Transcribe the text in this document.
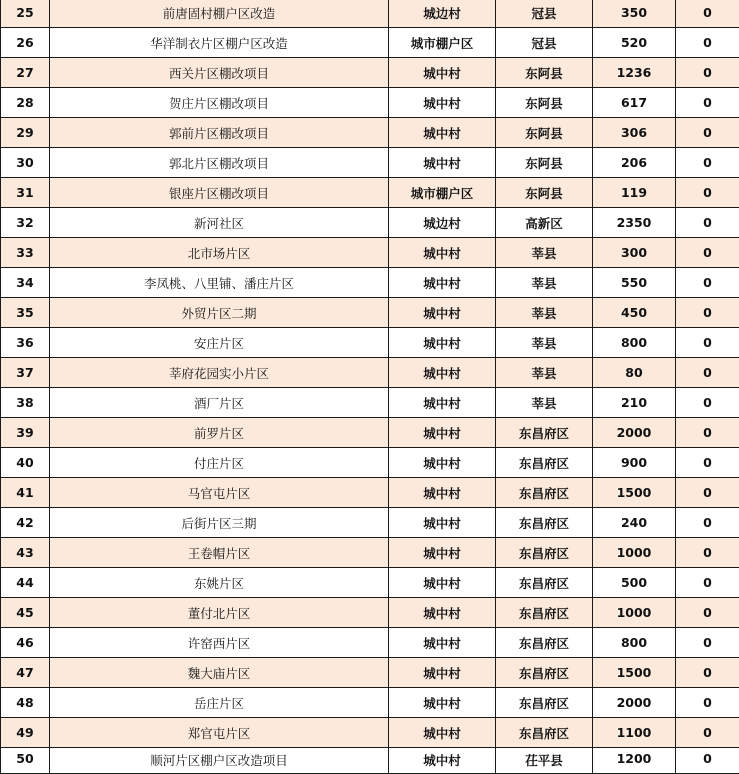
25	前唐固村棚户区改造	城边村	冠县	350	0
26	华洋制衣片区棚户区改造	城市棚户区	冠县	520	0
27	西关片区棚改项目	城中村	东阿县	1236	0
28	贺庄片区棚改项目	城中村	东阿县	617	0
29	郭前片区棚改项目	城中村	东阿县	306	0
30	郭北片区棚改项目	城中村	东阿县	206	0
31	银座片区棚改项目	城市棚户区	东阿县	119	0
32	新河社区	城边村	高新区	2350	0
33	北市场片区	城中村	莘县	300	0
34	李凤桃、八里铺、潘庄片区	城中村	莘县	550	0
35	外贸片区二期	城中村	莘县	450	0
36	安庄片区	城中村	莘县	800	0
37	莘府花园实小片区	城中村	莘县	80	0
38	酒厂片区	城中村	莘县	210	0
39	前罗片区	城中村	东昌府区	2000	0
40	付庄片区	城中村	东昌府区	900	0
41	马官屯片区	城中村	东昌府区	1500	0
42	后街片区三期	城中村	东昌府区	240	0
43	王卷帽片区	城中村	东昌府区	1000	0
44	东姚片区	城中村	东昌府区	500	0
45	董付北片区	城中村	东昌府区	1000	0
46	许窑西片区	城中村	东昌府区	800	0
47	魏大庙片区	城中村	东昌府区	1500	0
48	岳庄片区	城中村	东昌府区	2000	0
49	郑官屯片区	城中村	东昌府区	1100	0
50	顺河片区棚户区改造项目	城中村	茌平县	1200	0
